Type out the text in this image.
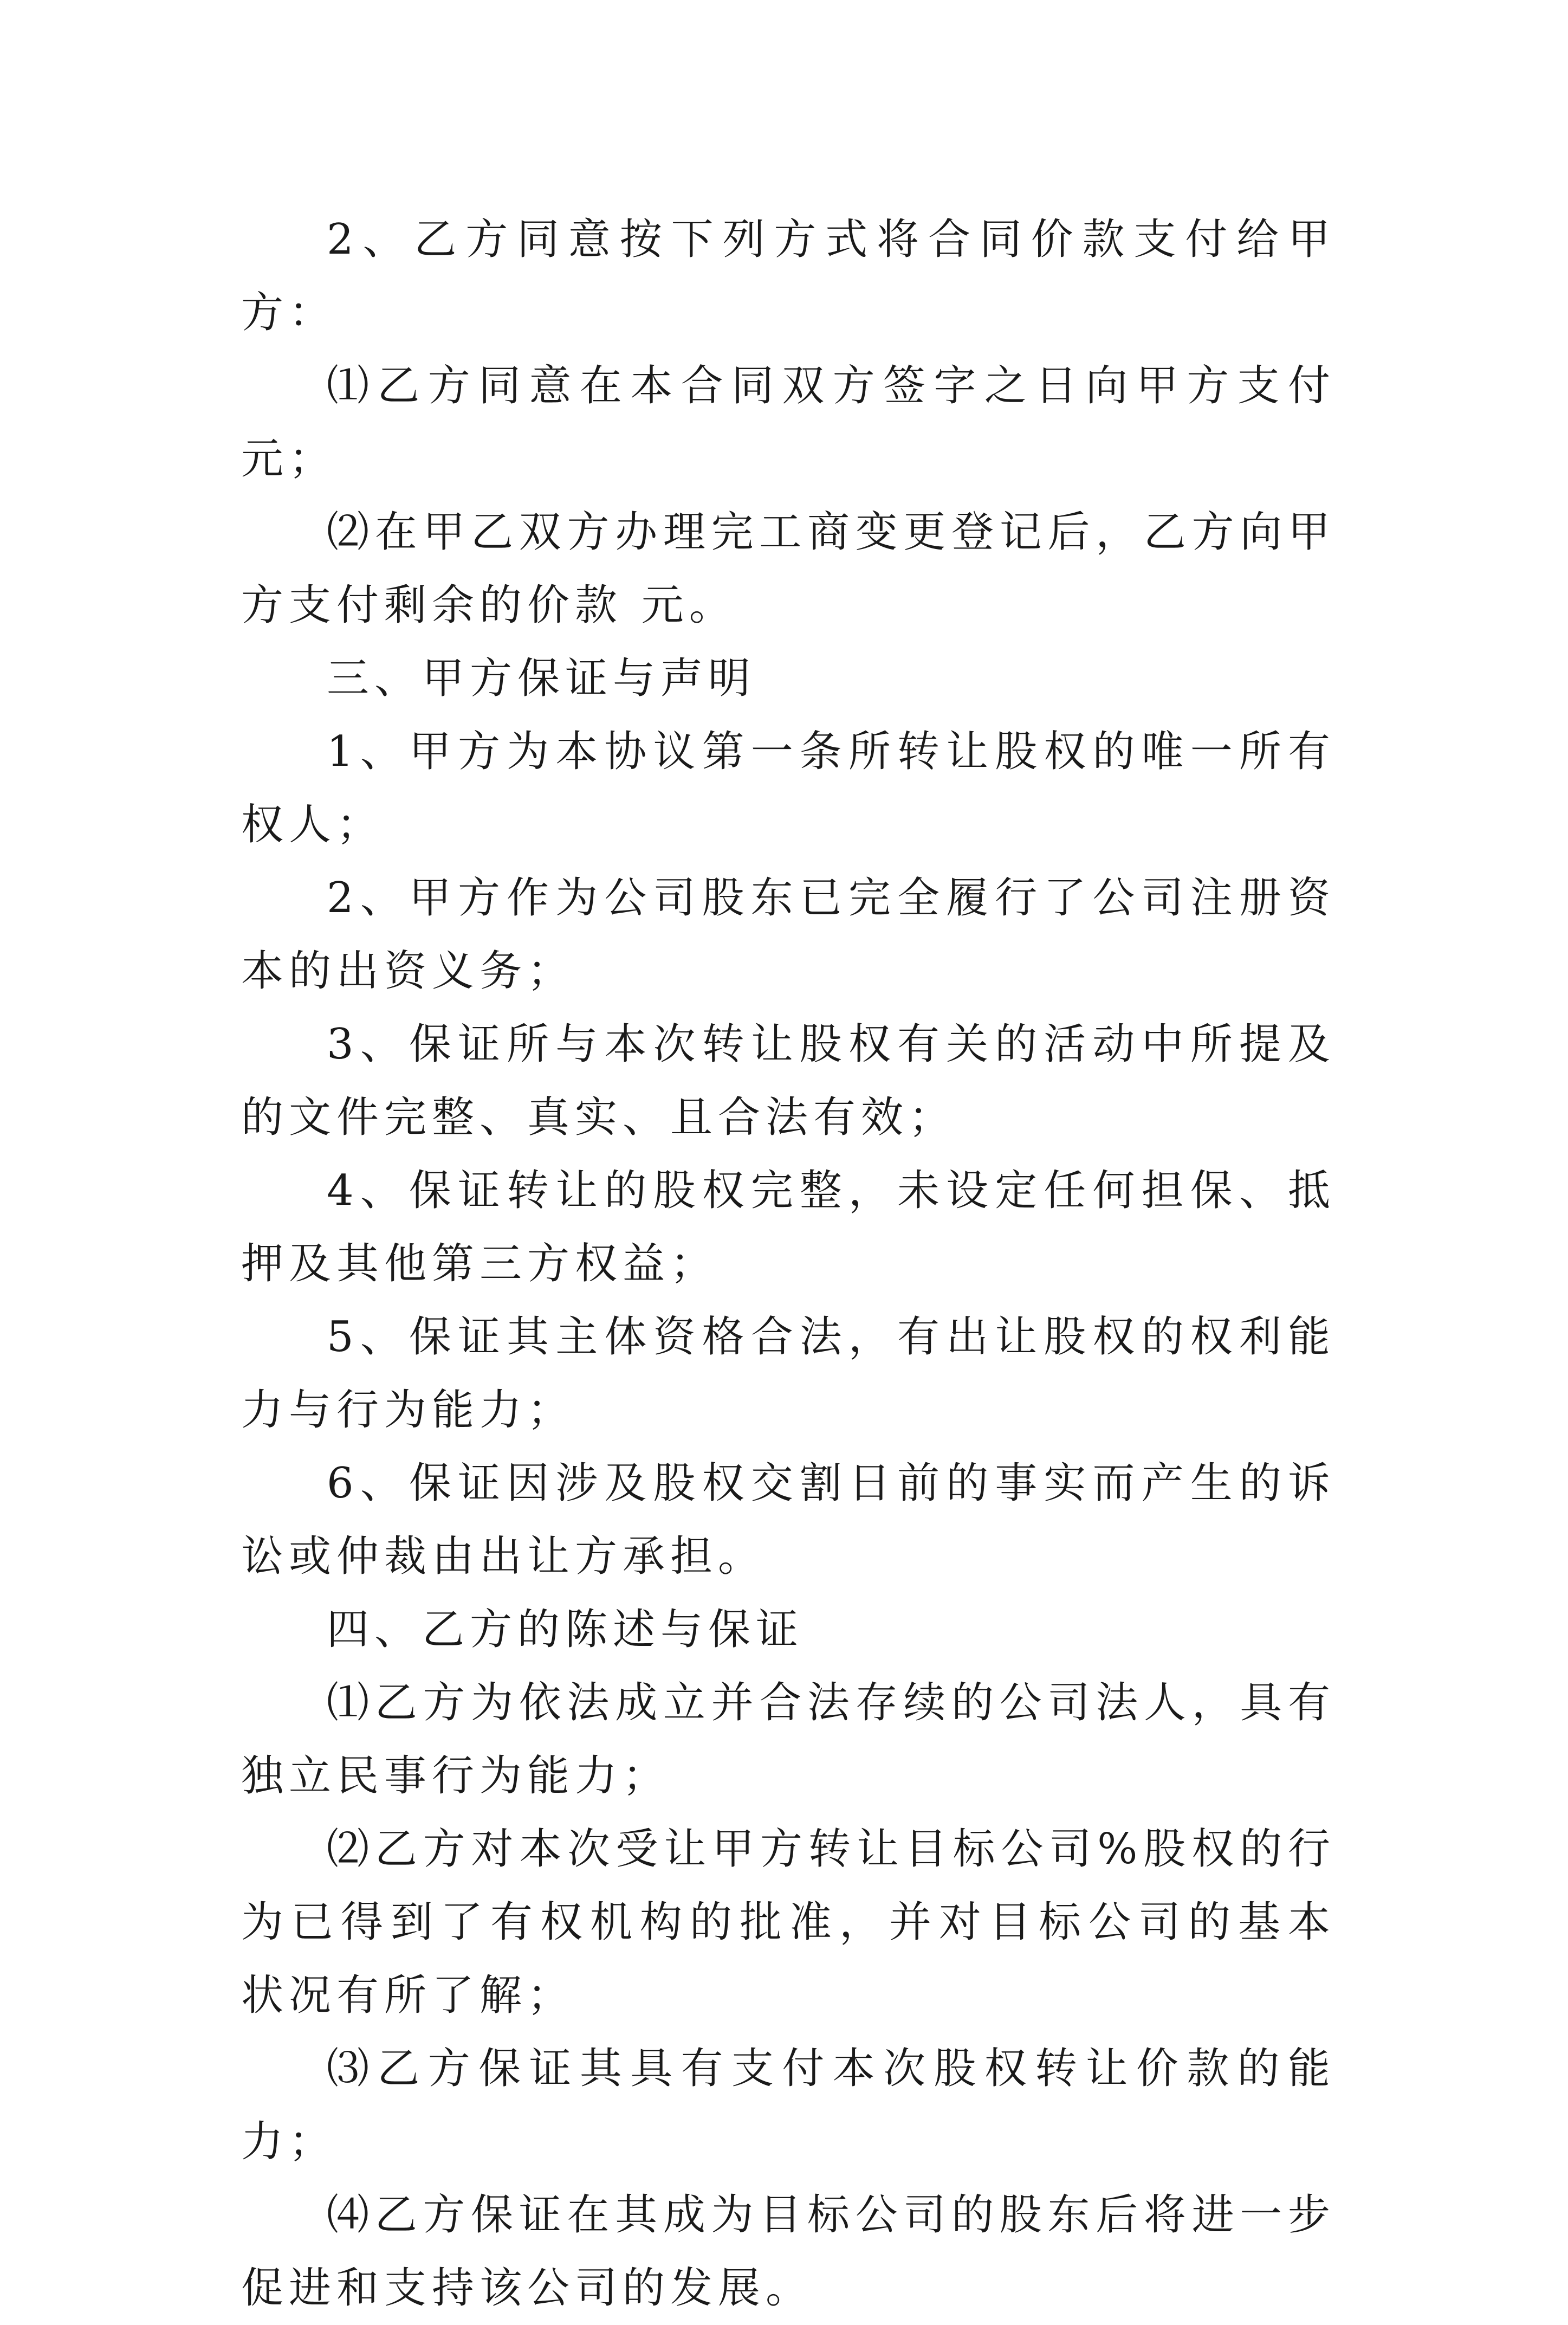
2、乙方同意按下列方式将合同价款支付给甲方：

⑴乙方同意在本合同双方签字之日向甲方支付 元；

⑵在甲乙双方办理完工商变更登记后，乙方向甲方支付剩余的价款 元。

三、甲方保证与声明

1、甲方为本协议第一条所转让股权的唯一所有权人；

2、甲方作为公司股东已完全履行了公司注册资本的出资义务；

3、保证所与本次转让股权有关的活动中所提及的文件完整、真实、且合法有效；

4、保证转让的股权完整，未设定任何担保、抵押及其他第三方权益；

5、保证其主体资格合法，有出让股权的权利能力与行为能力；

6、保证因涉及股权交割日前的事实而产生的诉讼或仲裁由出让方承担。

四、乙方的陈述与保证

⑴乙方为依法成立并合法存续的公司法人，具有独立民事行为能力；

⑵乙方对本次受让甲方转让目标公司%股权的行为已得到了有权机构的批准，并对目标公司的基本状况有所了解；

⑶乙方保证其具有支付本次股权转让价款的能力；

⑷乙方保证在其成为目标公司的股东后将进一步促进和支持该公司的发展。
